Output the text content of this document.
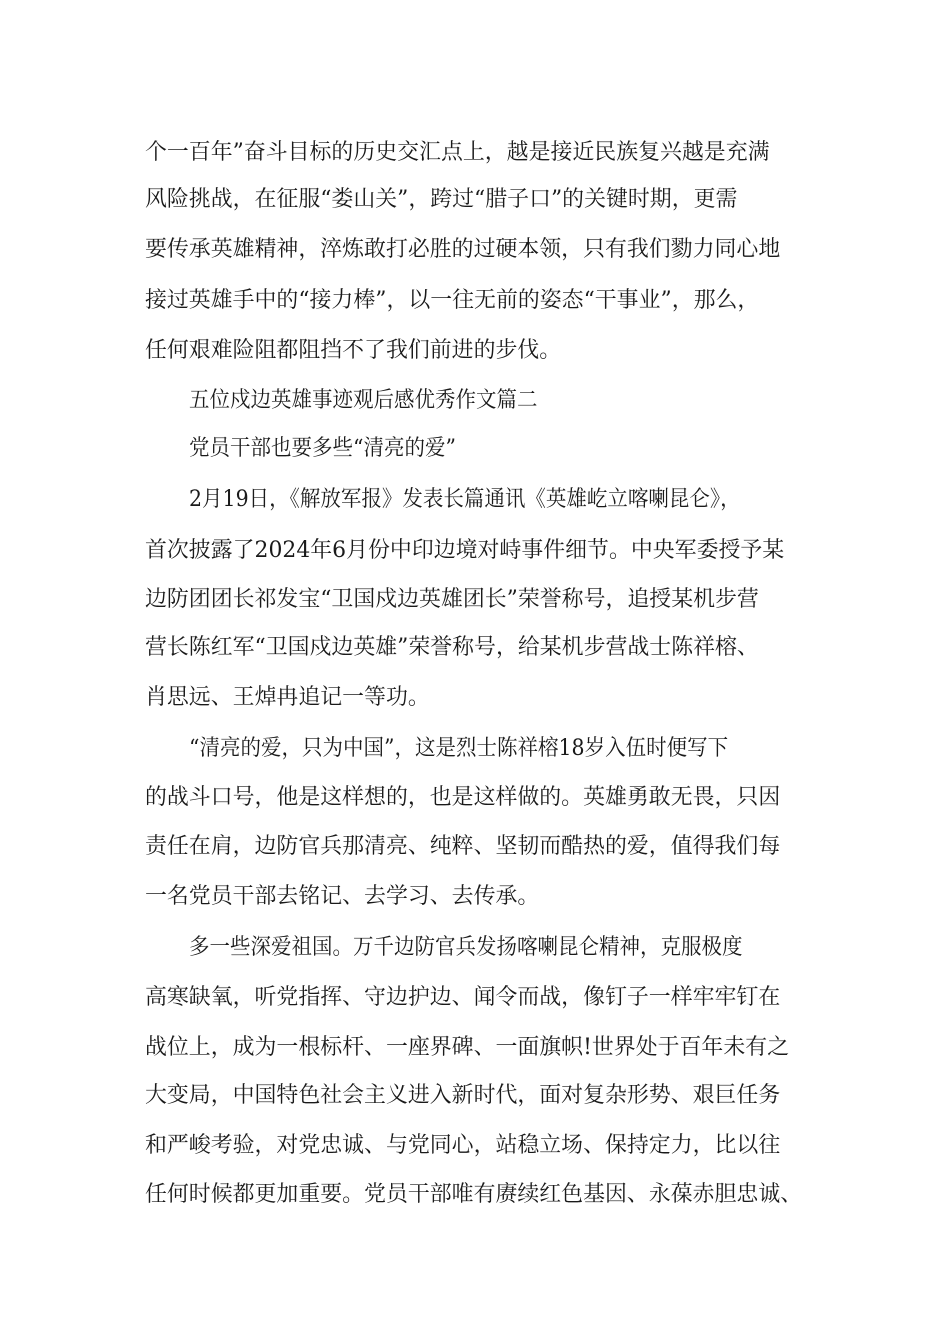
个一百年”奋斗目标的历史交汇点上，越是接近民族复兴越是充满
风险挑战，在征服“娄山关”，跨过“腊子口”的关键时期，更需
要传承英雄精神，淬炼敢打必胜的过硬本领，只有我们勠力同心地
接过英雄手中的“接力棒”，以一往无前的姿态“干事业”，那么，
任何艰难险阻都阻挡不了我们前进的步伐。
五位戍边英雄事迹观后感优秀作文篇二
党员干部也要多些“清亮的爱”
2月19日，《解放军报》发表长篇通讯《英雄屹立喀喇昆仑》，
首次披露了2024年6月份中印边境对峙事件细节。中央军委授予某
边防团团长祁发宝“卫国戍边英雄团长”荣誉称号，追授某机步营
营长陈红军“卫国戍边英雄”荣誉称号，给某机步营战士陈祥榕、
肖思远、王焯冉追记一等功。
“清亮的爱，只为中国”，这是烈士陈祥榕18岁入伍时便写下
的战斗口号，他是这样想的，也是这样做的。英雄勇敢无畏，只因
责任在肩，边防官兵那清亮、纯粹、坚韧而酷热的爱，值得我们每
一名党员干部去铭记、去学习、去传承。
多一些深爱祖国。万千边防官兵发扬喀喇昆仑精神，克服极度
高寒缺氧，听党指挥、守边护边、闻令而战，像钉子一样牢牢钉在
战位上，成为一根标杆、一座界碑、一面旗帜!世界处于百年未有之
大变局，中国特色社会主义进入新时代，面对复杂形势、艰巨任务
和严峻考验，对党忠诚、与党同心，站稳立场、保持定力，比以往
任何时候都更加重要。党员干部唯有赓续红色基因、永葆赤胆忠诚、
